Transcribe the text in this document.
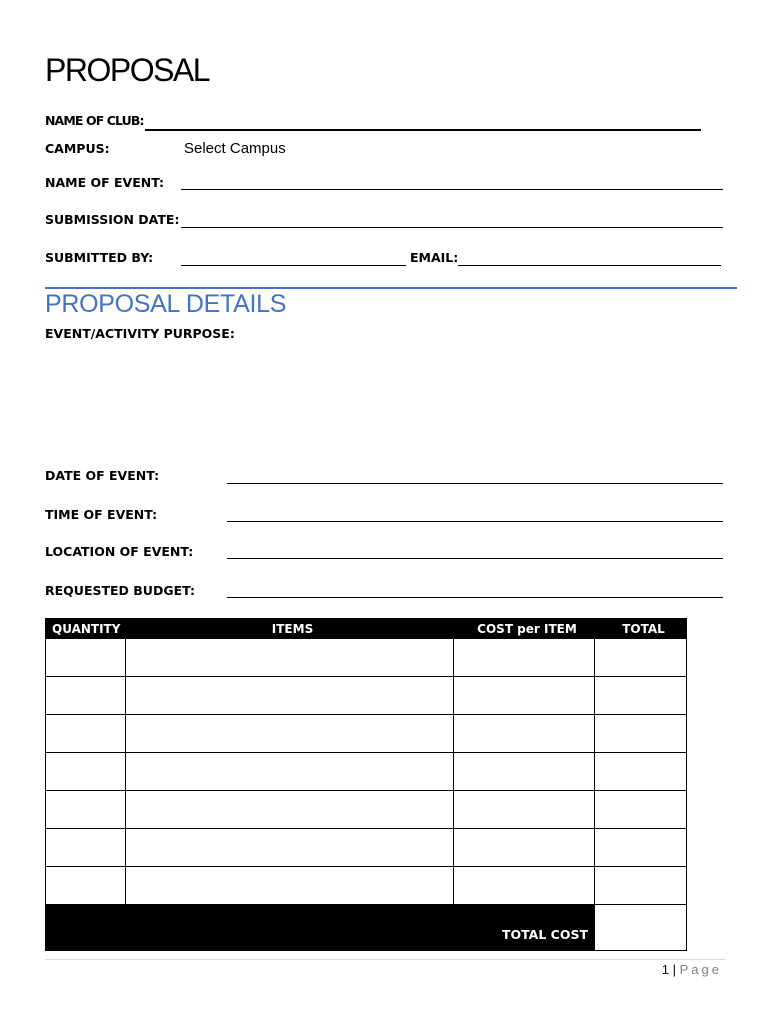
PROPOSAL
NAME OF CLUB:
CAMPUS:	Select Campus
NAME OF EVENT:
SUBMISSION DATE:
SUBMITTED BY:	EMAIL:
PROPOSAL DETAILS
EVENT/ACTIVITY PURPOSE:
DATE OF EVENT:
TIME OF EVENT:
LOCATION OF EVENT:
REQUESTED BUDGET:
QUANTITY	ITEMS	COST per ITEM	TOTAL

TOTAL COST			
1 | Page
